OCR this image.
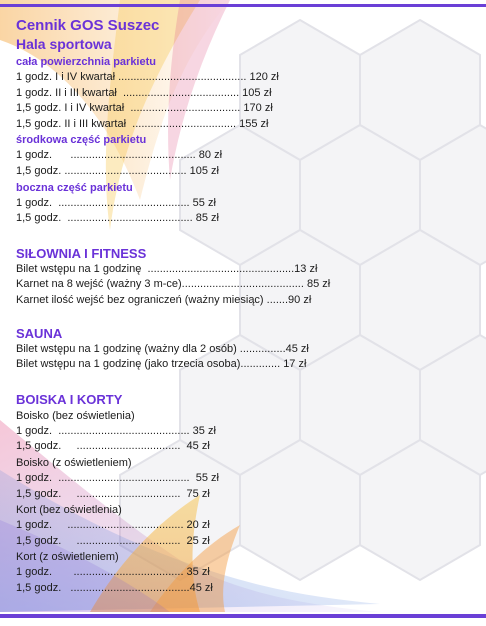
Cennik GOS Suszec
Hala sportowa
cała powierzchnia parkietu
1 godz. I i IV kwartał .......................................... 120 zł
1 godz. II i III kwartał  ...................................... 105 zł
1,5 godz. I i IV kwartał  .................................... 170 zł
1,5 godz. II i III kwartał  .................................. 155 zł
środkowa część parkietu
1 godz.      ......................................... 80 zł
1,5 godz. ........................................ 105 zł
boczna część parkietu
1 godz.  ........................................... 55 zł
1,5 godz.  ......................................... 85 zł
SIŁOWNIA I FITNESS
Bilet wstępu na 1 godzinę  ................................................13 zł
Karnet na 8 wejść (ważny 3 m-ce)........................................ 85 zł
Karnet ilość wejść bez ograniczeń (ważny miesiąc) .......90 zł
SAUNA
Bilet wstępu na 1 godzinę (ważny dla 2 osób) ...............45 zł
Bilet wstępu na 1 godzinę (jako trzecia osoba)............. 17 zł
BOISKA I KORTY
Boisko (bez oświetlenia)
1 godz.  ........................................... 35 zł
1,5 godz.     ..................................  45 zł
Boisko (z oświetleniem)
1 godz.  ...........................................  55 zł
1,5 godz.     ..................................  75 zł
Kort (bez oświetlenia)
1 godz.     ...................................... 20 zł
1,5 godz.     ..................................  25 zł
Kort (z oświetleniem)
1 godz.       .................................... 35 zł
1,5 godz.   .......................................45 zł
